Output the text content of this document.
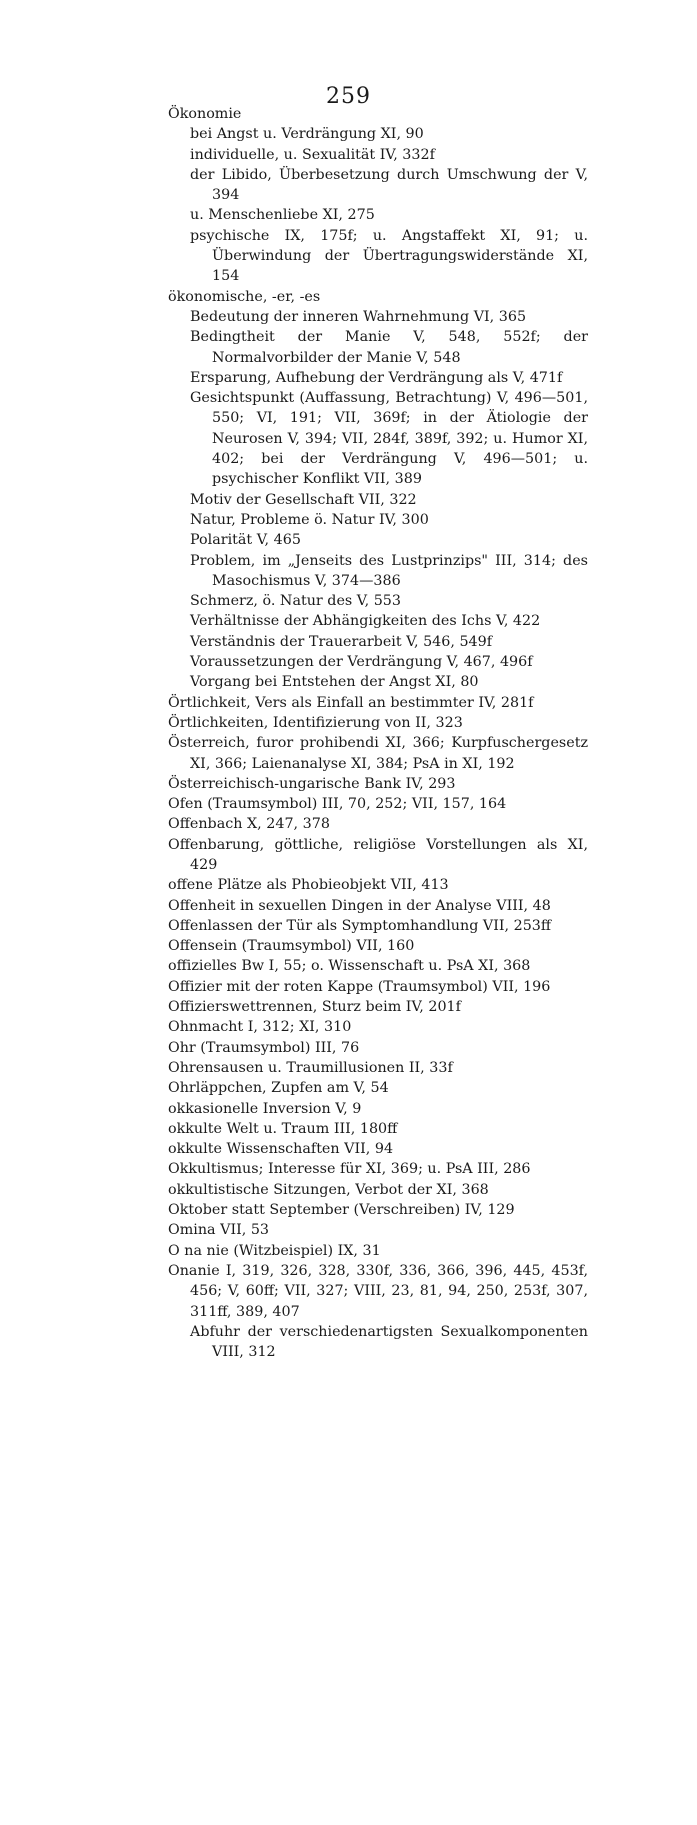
259

Ökonomie

bei Angst u. Verdrängung XI, 90

individuelle, u. Sexualität IV, 332f

der Libido, Überbesetzung durch Umschwung der V, 394

u. Menschenliebe XI, 275

psychische IX, 175f; u. Angstaffekt XI, 91; u. Überwindung der Übertragungswiderstände XI, 154

ökonomische, -er, -es

Bedeutung der inneren Wahrnehmung VI, 365

Bedingtheit der Manie V, 548, 552f; der Normalvorbilder der Manie V, 548

Ersparung, Aufhebung der Verdrängung als V, 471f

Gesichtspunkt (Auffassung, Betrachtung) V, 496—501, 550; VI, 191; VII, 369f; in der Ätiologie der Neurosen V, 394; VII, 284f, 389f, 392; u. Humor XI, 402; bei der Verdrängung V, 496—501; u. psychischer Konflikt VII, 389

Motiv der Gesellschaft VII, 322

Natur, Probleme ö. Natur IV, 300

Polarität V, 465

Problem, im „Jenseits des Lustprinzips" III, 314; des Masochismus V, 374—386

Schmerz, ö. Natur des V, 553

Verhältnisse der Abhängigkeiten des Ichs V, 422

Verständnis der Trauerarbeit V, 546, 549f

Voraussetzungen der Verdrängung V, 467, 496f

Vorgang bei Entstehen der Angst XI, 80

Örtlichkeit, Vers als Einfall an bestimmter IV, 281f

Örtlichkeiten, Identifizierung von II, 323

Österreich, furor prohibendi XI, 366; Kurpfuschergesetz XI, 366; Laienanalyse XI, 384; PsA in XI, 192

Österreichisch-ungarische Bank IV, 293

Ofen (Traumsymbol) III, 70, 252; VII, 157, 164

Offenbach X, 247, 378

Offenbarung, göttliche, religiöse Vorstellungen als XI, 429

offene Plätze als Phobieobjekt VII, 413

Offenheit in sexuellen Dingen in der Analyse VIII, 48

Offenlassen der Tür als Symptomhandlung VII, 253ff

Offensein (Traumsymbol) VII, 160

offizielles Bw I, 55; o. Wissenschaft u. PsA XI, 368

Offizier mit der roten Kappe (Traumsymbol) VII, 196

Offizierswettrennen, Sturz beim IV, 201f

Ohnmacht I, 312; XI, 310

Ohr (Traumsymbol) III, 76

Ohrensausen u. Traumillusionen II, 33f

Ohrläppchen, Zupfen am V, 54

okkasionelle Inversion V, 9

okkulte Welt u. Traum III, 180ff

okkulte Wissenschaften VII, 94

Okkultismus; Interesse für XI, 369; u. PsA III, 286

okkultistische Sitzungen, Verbot der XI, 368

Oktober statt September (Verschreiben) IV, 129

Omina VII, 53

O na nie (Witzbeispiel) IX, 31

Onanie I, 319, 326, 328, 330f, 336, 366, 396, 445, 453f, 456; V, 60ff; VII, 327; VIII, 23, 81, 94, 250, 253f, 307, 311ff, 389, 407

Abfuhr der verschiedenartigsten Sexualkomponenten VIII, 312
